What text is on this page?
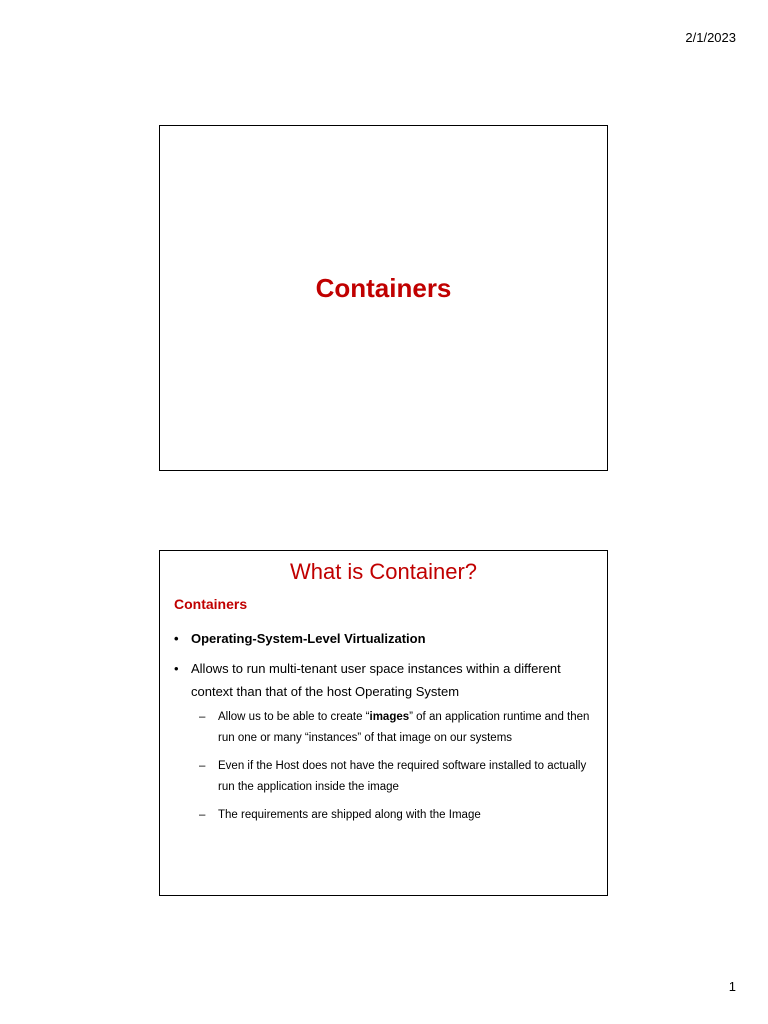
2/1/2023
Containers
What is Container?
Containers
• Operating-System-Level Virtualization
• Allows to run multi-tenant user space instances within a different context than that of the host Operating System
– Allow us to be able to create “images” of an application runtime and then run one or many “instances” of that image on our systems
– Even if the Host does not have the required software installed to actually run the application inside the image
– The requirements are shipped along with the Image
1
